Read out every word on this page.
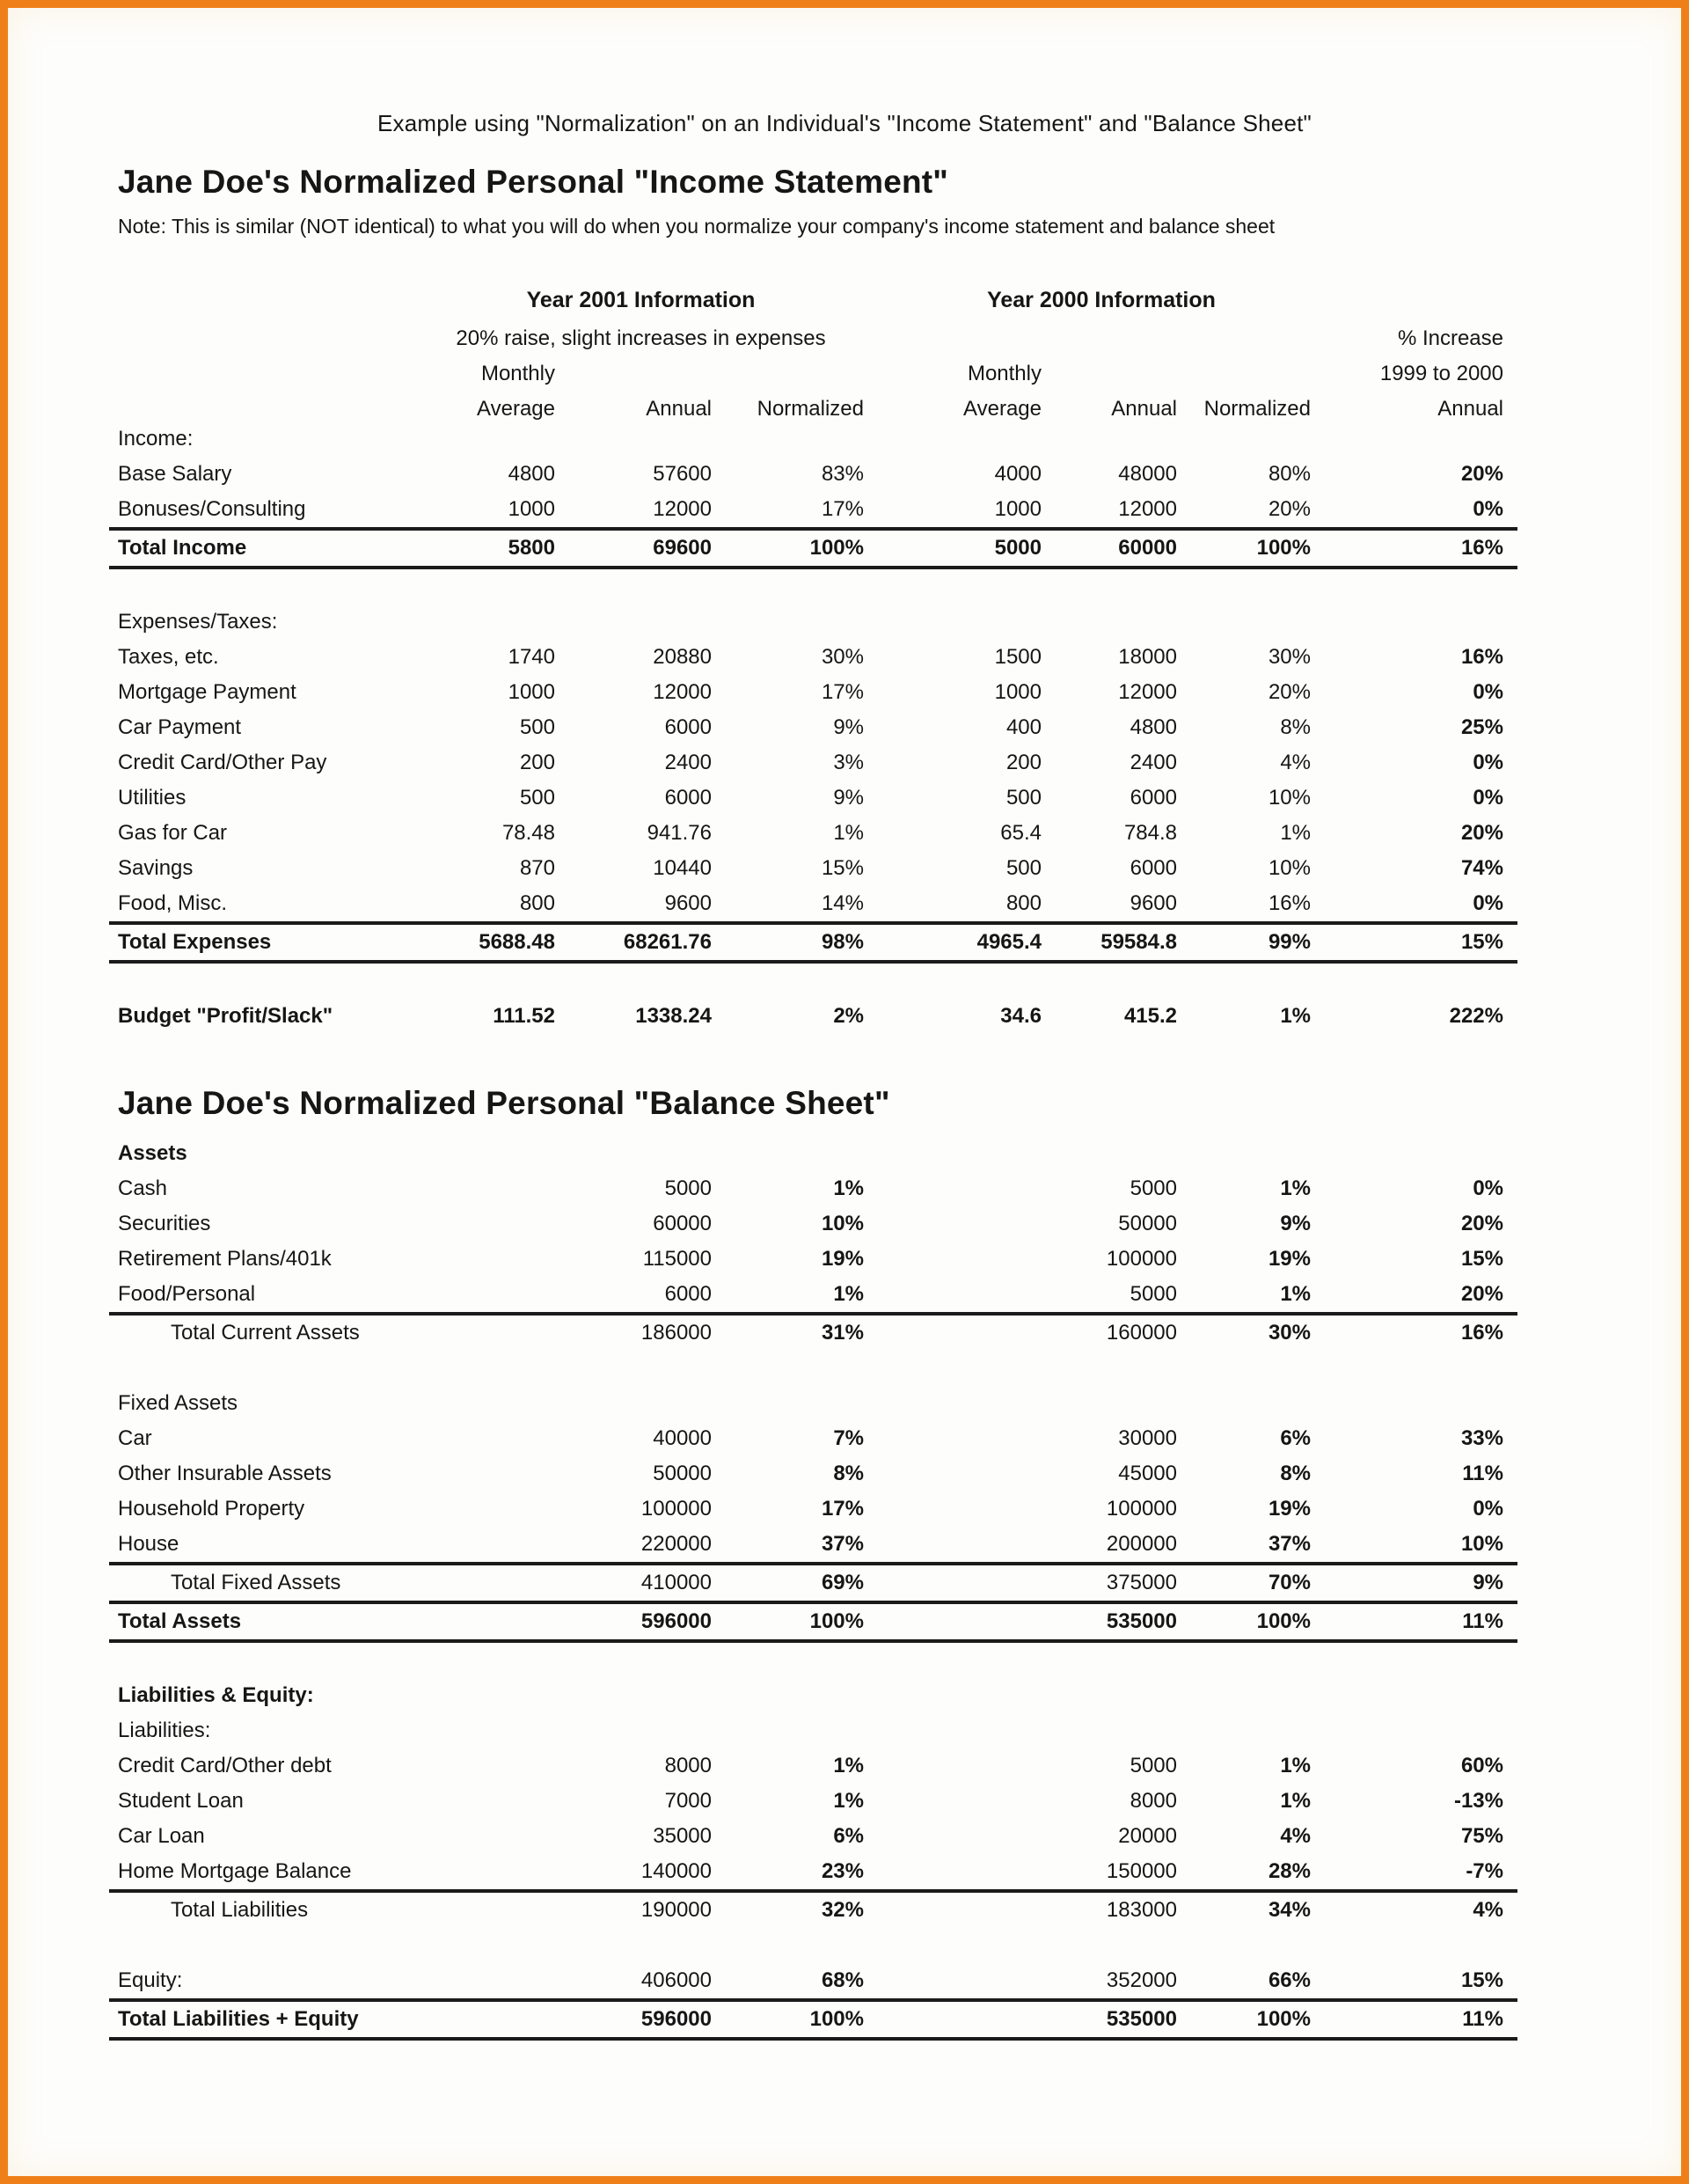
Example using "Normalization" on an Individual's "Income Statement" and "Balance Sheet"
Jane Doe's Normalized Personal "Income Statement"
Note: This is similar (NOT identical) to what you will do when you normalize your company's income statement and balance sheet
	Year 2001 Information			Year 2000 Information			
	20% raise, slight increases in expenses						% Increase
	Monthly			Monthly			1999 to 2000
	Average	Annual	Normalized	Average	Annual	Normalized	Annual
Income:							
Base Salary	4800	57600	83%	4000	48000	80%	20%
Bonuses/Consulting	1000	12000	17%	1000	12000	20%	0%
Total Income	5800	69600	100%	5000	60000	100%	16%

Expenses/Taxes:							
Taxes, etc.	1740	20880	30%	1500	18000	30%	16%
Mortgage Payment	1000	12000	17%	1000	12000	20%	0%
Car Payment	500	6000	9%	400	4800	8%	25%
Credit Card/Other Pay	200	2400	3%	200	2400	4%	0%
Utilities	500	6000	9%	500	6000	10%	0%
Gas for Car	78.48	941.76	1%	65.4	784.8	1%	20%
Savings	870	10440	15%	500	6000	10%	74%
Food, Misc.	800	9600	14%	800	9600	16%	0%
Total Expenses	5688.48	68261.76	98%	4965.4	59584.8	99%	15%

Budget "Profit/Slack"	111.52	1338.24	2%	34.6	415.2	1%	222%
Jane Doe's Normalized Personal "Balance Sheet"
Assets							
Cash		5000	1%		5000	1%	0%
Securities		60000	10%		50000	9%	20%
Retirement Plans/401k		115000	19%		100000	19%	15%
Food/Personal		6000	1%		5000	1%	20%
Total Current Assets		186000	31%		160000	30%	16%

Fixed Assets							
Car		40000	7%		30000	6%	33%
Other Insurable Assets		50000	8%		45000	8%	11%
Household Property		100000	17%		100000	19%	0%
House		220000	37%		200000	37%	10%
Total Fixed Assets		410000	69%		375000	70%	9%
Total Assets		596000	100%		535000	100%	11%

Liabilities & Equity:							
Liabilities:							
Credit Card/Other debt		8000	1%		5000	1%	60%
Student Loan		7000	1%		8000	1%	-13%
Car Loan		35000	6%		20000	4%	75%
Home Mortgage Balance		140000	23%		150000	28%	-7%
Total Liabilities		190000	32%		183000	34%	4%

Equity:		406000	68%		352000	66%	15%
Total Liabilities + Equity		596000	100%		535000	100%	11%
